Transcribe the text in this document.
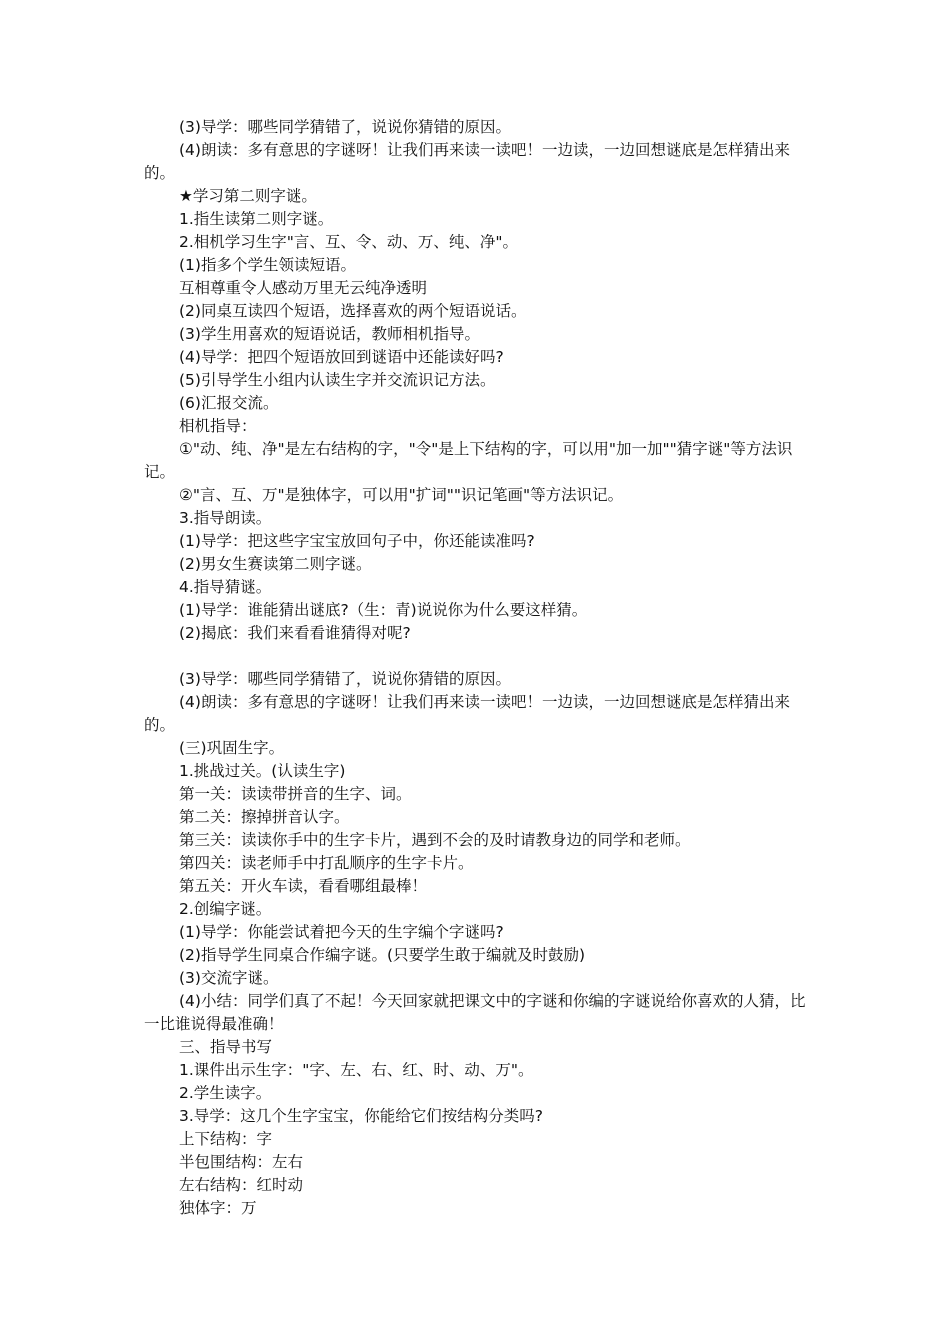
(3)导学：哪些同学猜错了，说说你猜错的原因。

(4)朗读：多有意思的字谜呀！让我们再来读一读吧！一边读，一边回想谜底是怎样猜出来的。

★学习第二则字谜。

1.指生读第二则字谜。

2.相机学习生字"言、互、令、动、万、纯、净"。

(1)指多个学生领读短语。

互相尊重令人感动万里无云纯净透明

(2)同桌互读四个短语，选择喜欢的两个短语说话。

(3)学生用喜欢的短语说话，教师相机指导。

(4)导学：把四个短语放回到谜语中还能读好吗?

(5)引导学生小组内认读生字并交流识记方法。

(6)汇报交流。

相机指导：

①"动、纯、净"是左右结构的字，"令"是上下结构的字，可以用"加一加""猜字谜"等方法识记。

②"言、互、万"是独体字，可以用"扩词""识记笔画"等方法识记。

3.指导朗读。

(1)导学：把这些字宝宝放回句子中，你还能读准吗?

(2)男女生赛读第二则字谜。

4.指导猜谜。

(1)导学：谁能猜出谜底?（生：青)说说你为什么要这样猜。

(2)揭底：我们来看看谁猜得对呢?

(3)导学：哪些同学猜错了，说说你猜错的原因。

(4)朗读：多有意思的字谜呀！让我们再来读一读吧！一边读，一边回想谜底是怎样猜出来的。

(三)巩固生字。

1.挑战过关。(认读生字)

第一关：读读带拼音的生字、词。

第二关：擦掉拼音认字。

第三关：读读你手中的生字卡片，遇到不会的及时请教身边的同学和老师。

第四关：读老师手中打乱顺序的生字卡片。

第五关：开火车读，看看哪组最棒！

2.创编字谜。

(1)导学：你能尝试着把今天的生字编个字谜吗?

(2)指导学生同桌合作编字谜。(只要学生敢于编就及时鼓励)

(3)交流字谜。

(4)小结：同学们真了不起！今天回家就把课文中的字谜和你编的字谜说给你喜欢的人猜，比一比谁说得最准确！

三、指导书写

1.课件出示生字："字、左、右、红、时、动、万"。

2.学生读字。

3.导学：这几个生字宝宝，你能给它们按结构分类吗?

上下结构：字

半包围结构：左右

左右结构：红时动

独体字：万
